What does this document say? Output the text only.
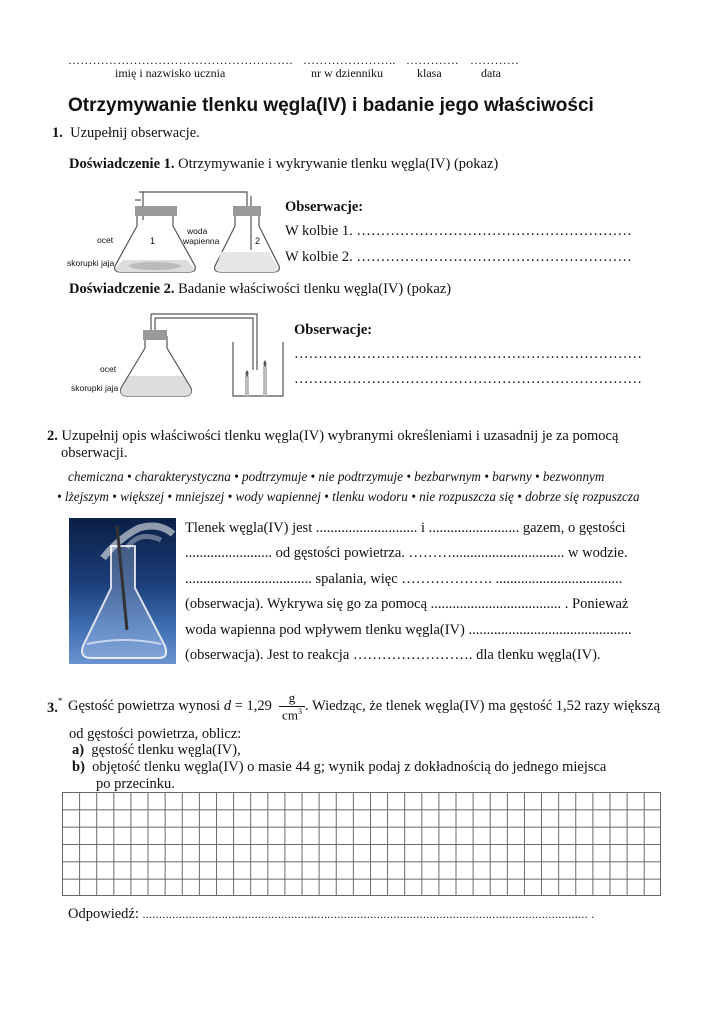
………………………………………………. ………………….. …………. …………
imię i nazwisko ucznia	nr w dzienniku	klasa	data
Otrzymywanie tlenku węgla(IV) i badanie jego właściwości
1. Uzupełnij obserwacje.
Doświadczenie 1. Otrzymywanie i wykrywanie tlenku węgla(IV) (pokaz)
ocet
skorupki jaja
woda
wapienna
1	2
Obserwacje:
W kolbie 1. …………………………………………………
W kolbie 2. …………………………………………………
Doświadczenie 2. Badanie właściwości tlenku węgla(IV) (pokaz)
ocet
skorupki jaja
Obserwacje:
………………………………………………………………
………………………………………………………………
2. Uzupełnij opis właściwości tlenku węgla(IV) wybranymi określeniami i uzasadnij je za pomocą
obserwacji.
chemiczna • charakterystyczna • podtrzymuje • nie podtrzymuje • bezbarwnym • barwny • bezwonnym
• lżejszym • większej • mniejszej • wody wapiennej • tlenku wodoru • nie rozpuszcza się • dobrze się rozpuszcza
Tlenek węgla(IV) jest ............................ i ......................... gazem, o gęstości
........................ od gęstości powietrza. ………............................... w wodzie.
................................... spalania, więc ………………. ...................................
(obserwacja). Wykrywa się go za pomocą .................................... . Ponieważ
woda wapienna pod wpływem tlenku węgla(IV) .............................................
(obserwacja). Jest to reakcja ……………………. dla tlenku węgla(IV).
3.* Gęstość powietrza wynosi $d = 1,29 \frac{g}{cm^3}$ . Wiedząc, że tlenek węgla(IV) ma gęstość 1,52 razy większą
od gęstości powietrza, oblicz:
a) gęstość tlenku węgla(IV),
b) objętość tlenku węgla(IV) o masie 44 g; wynik podaj z dokładnością do jednego miejsca
po przecinku.
Odpowiedź: ....................................................................................................................................... .
